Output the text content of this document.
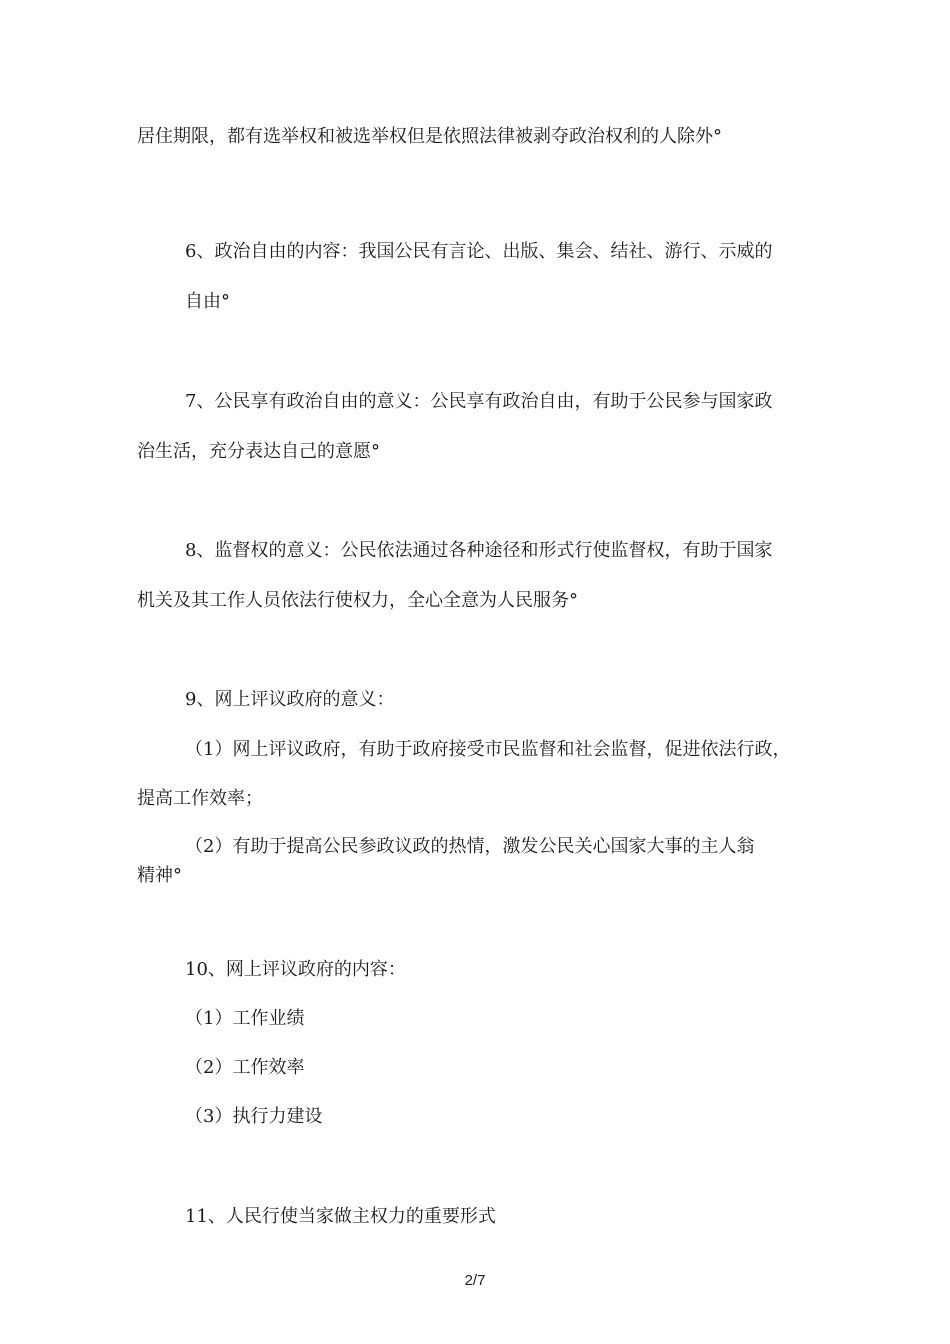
居住期限，都有选举权和被选举权但是依照法律被剥夺政治权利的人除外°
6、政治自由的内容：我国公民有言论、出版、集会、结社、游行、示威的
自由°
7、公民享有政治自由的意义：公民享有政治自由，有助于公民参与国家政
治生活，充分表达自己的意愿°
8、监督权的意义：公民依法通过各种途径和形式行使监督权，有助于国家
机关及其工作人员依法行使权力，全心全意为人民服务°
9、网上评议政府的意义：
（1）网上评议政府，有助于政府接受市民监督和社会监督，促进依法行政，
提高工作效率；
（2）有助于提高公民参政议政的热情，激发公民关心国家大事的主人翁
精神°
10、网上评议政府的内容：
（1）工作业绩
（2）工作效率
（3）执行力建设
11、人民行使当家做主权力的重要形式
2/7
